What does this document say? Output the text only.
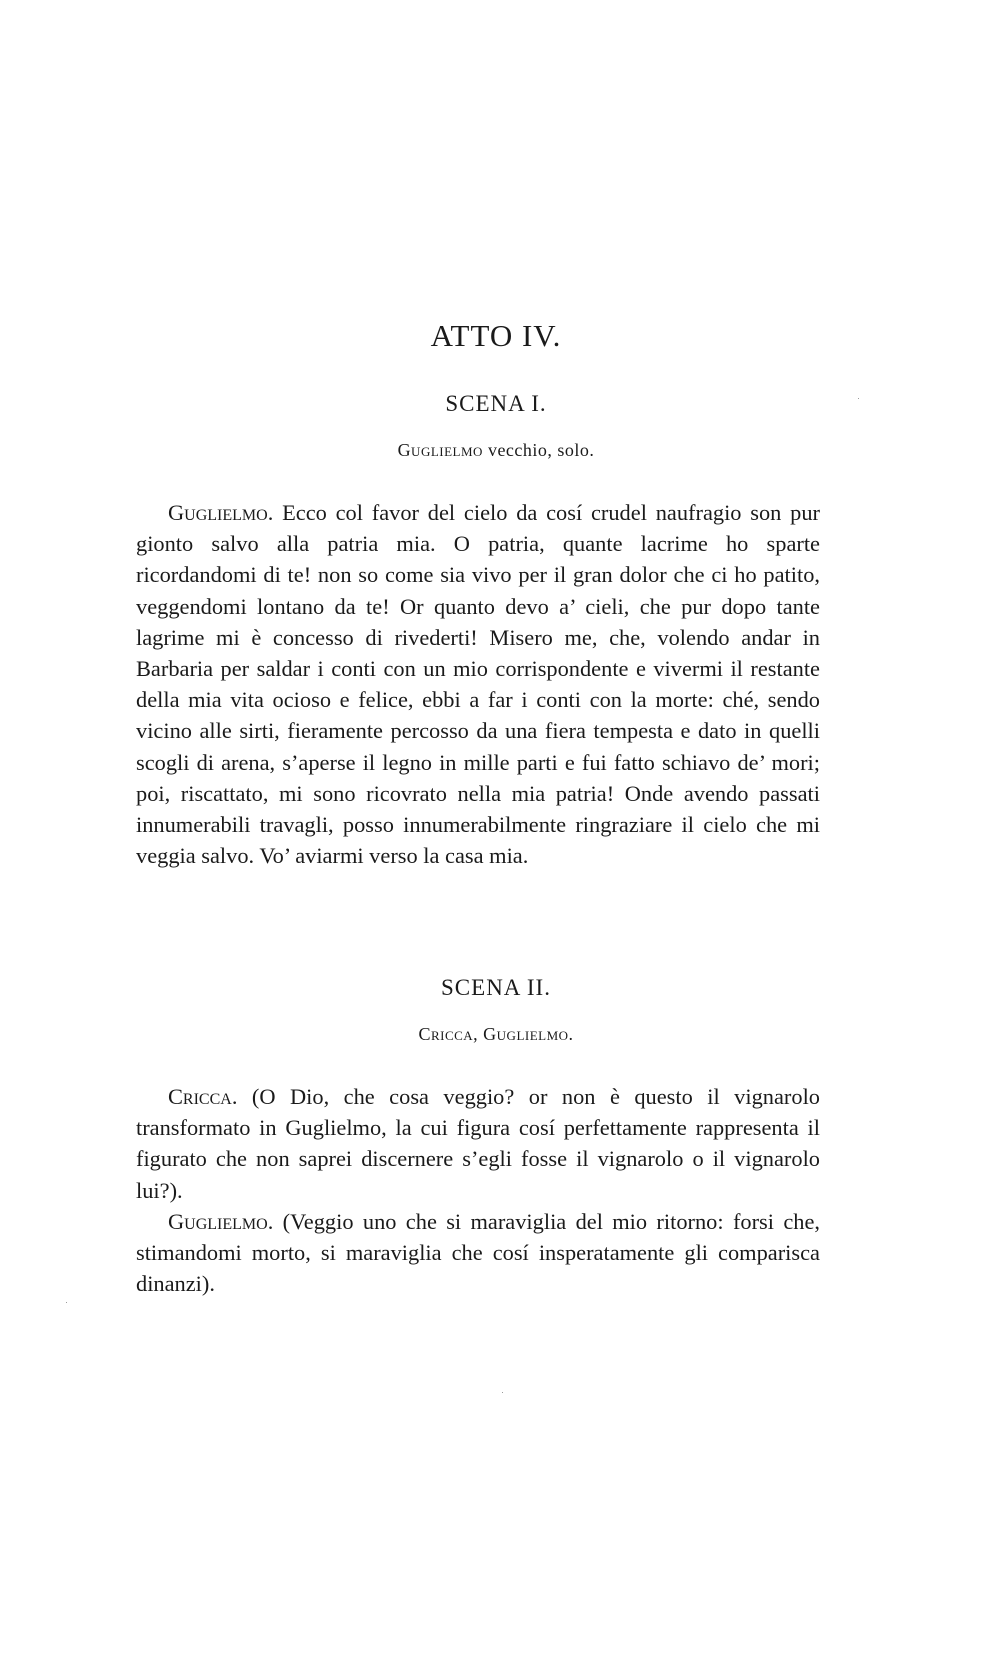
ATTO IV.
SCENA I.

Guglielmo vecchio, solo.

Guglielmo. Ecco col favor del cielo da cosí crudel naufragio son pur gionto salvo alla patria mia. O patria, quante lacrime ho sparte ricordandomi di te! non so come sia vivo per il gran dolor che ci ho patito, veggendomi lontano da te! Or quanto devo a’ cieli, che pur dopo tante lagrime mi è concesso di rivederti! Misero me, che, volendo andar in Barbaria per saldar i conti con un mio corrispondente e vivermi il restante della mia vita ocioso e felice, ebbi a far i conti con la morte: ché, sendo vicino alle sirti, fieramente percosso da una fiera tempesta e dato in quelli scogli di arena, s’aperse il legno in mille parti e fui fatto schiavo de’ mori; poi, riscattato, mi sono ricovrato nella mia patria! Onde avendo passati innumerabili travagli, posso innumerabilmente ringraziare il cielo che mi veggia salvo. Vo’ aviarmi verso la casa mia.

SCENA II.

Cricca, Guglielmo.

Cricca. (O Dio, che cosa veggio? or non è questo il vignarolo transformato in Guglielmo, la cui figura cosí perfettamente rappresenta il figurato che non saprei discernere s’egli fosse il vignarolo o il vignarolo lui?).

Guglielmo. (Veggio uno che si maraviglia del mio ritorno: forsi che, stimandomi morto, si maraviglia che cosí insperatamente gli comparisca dinanzi).
